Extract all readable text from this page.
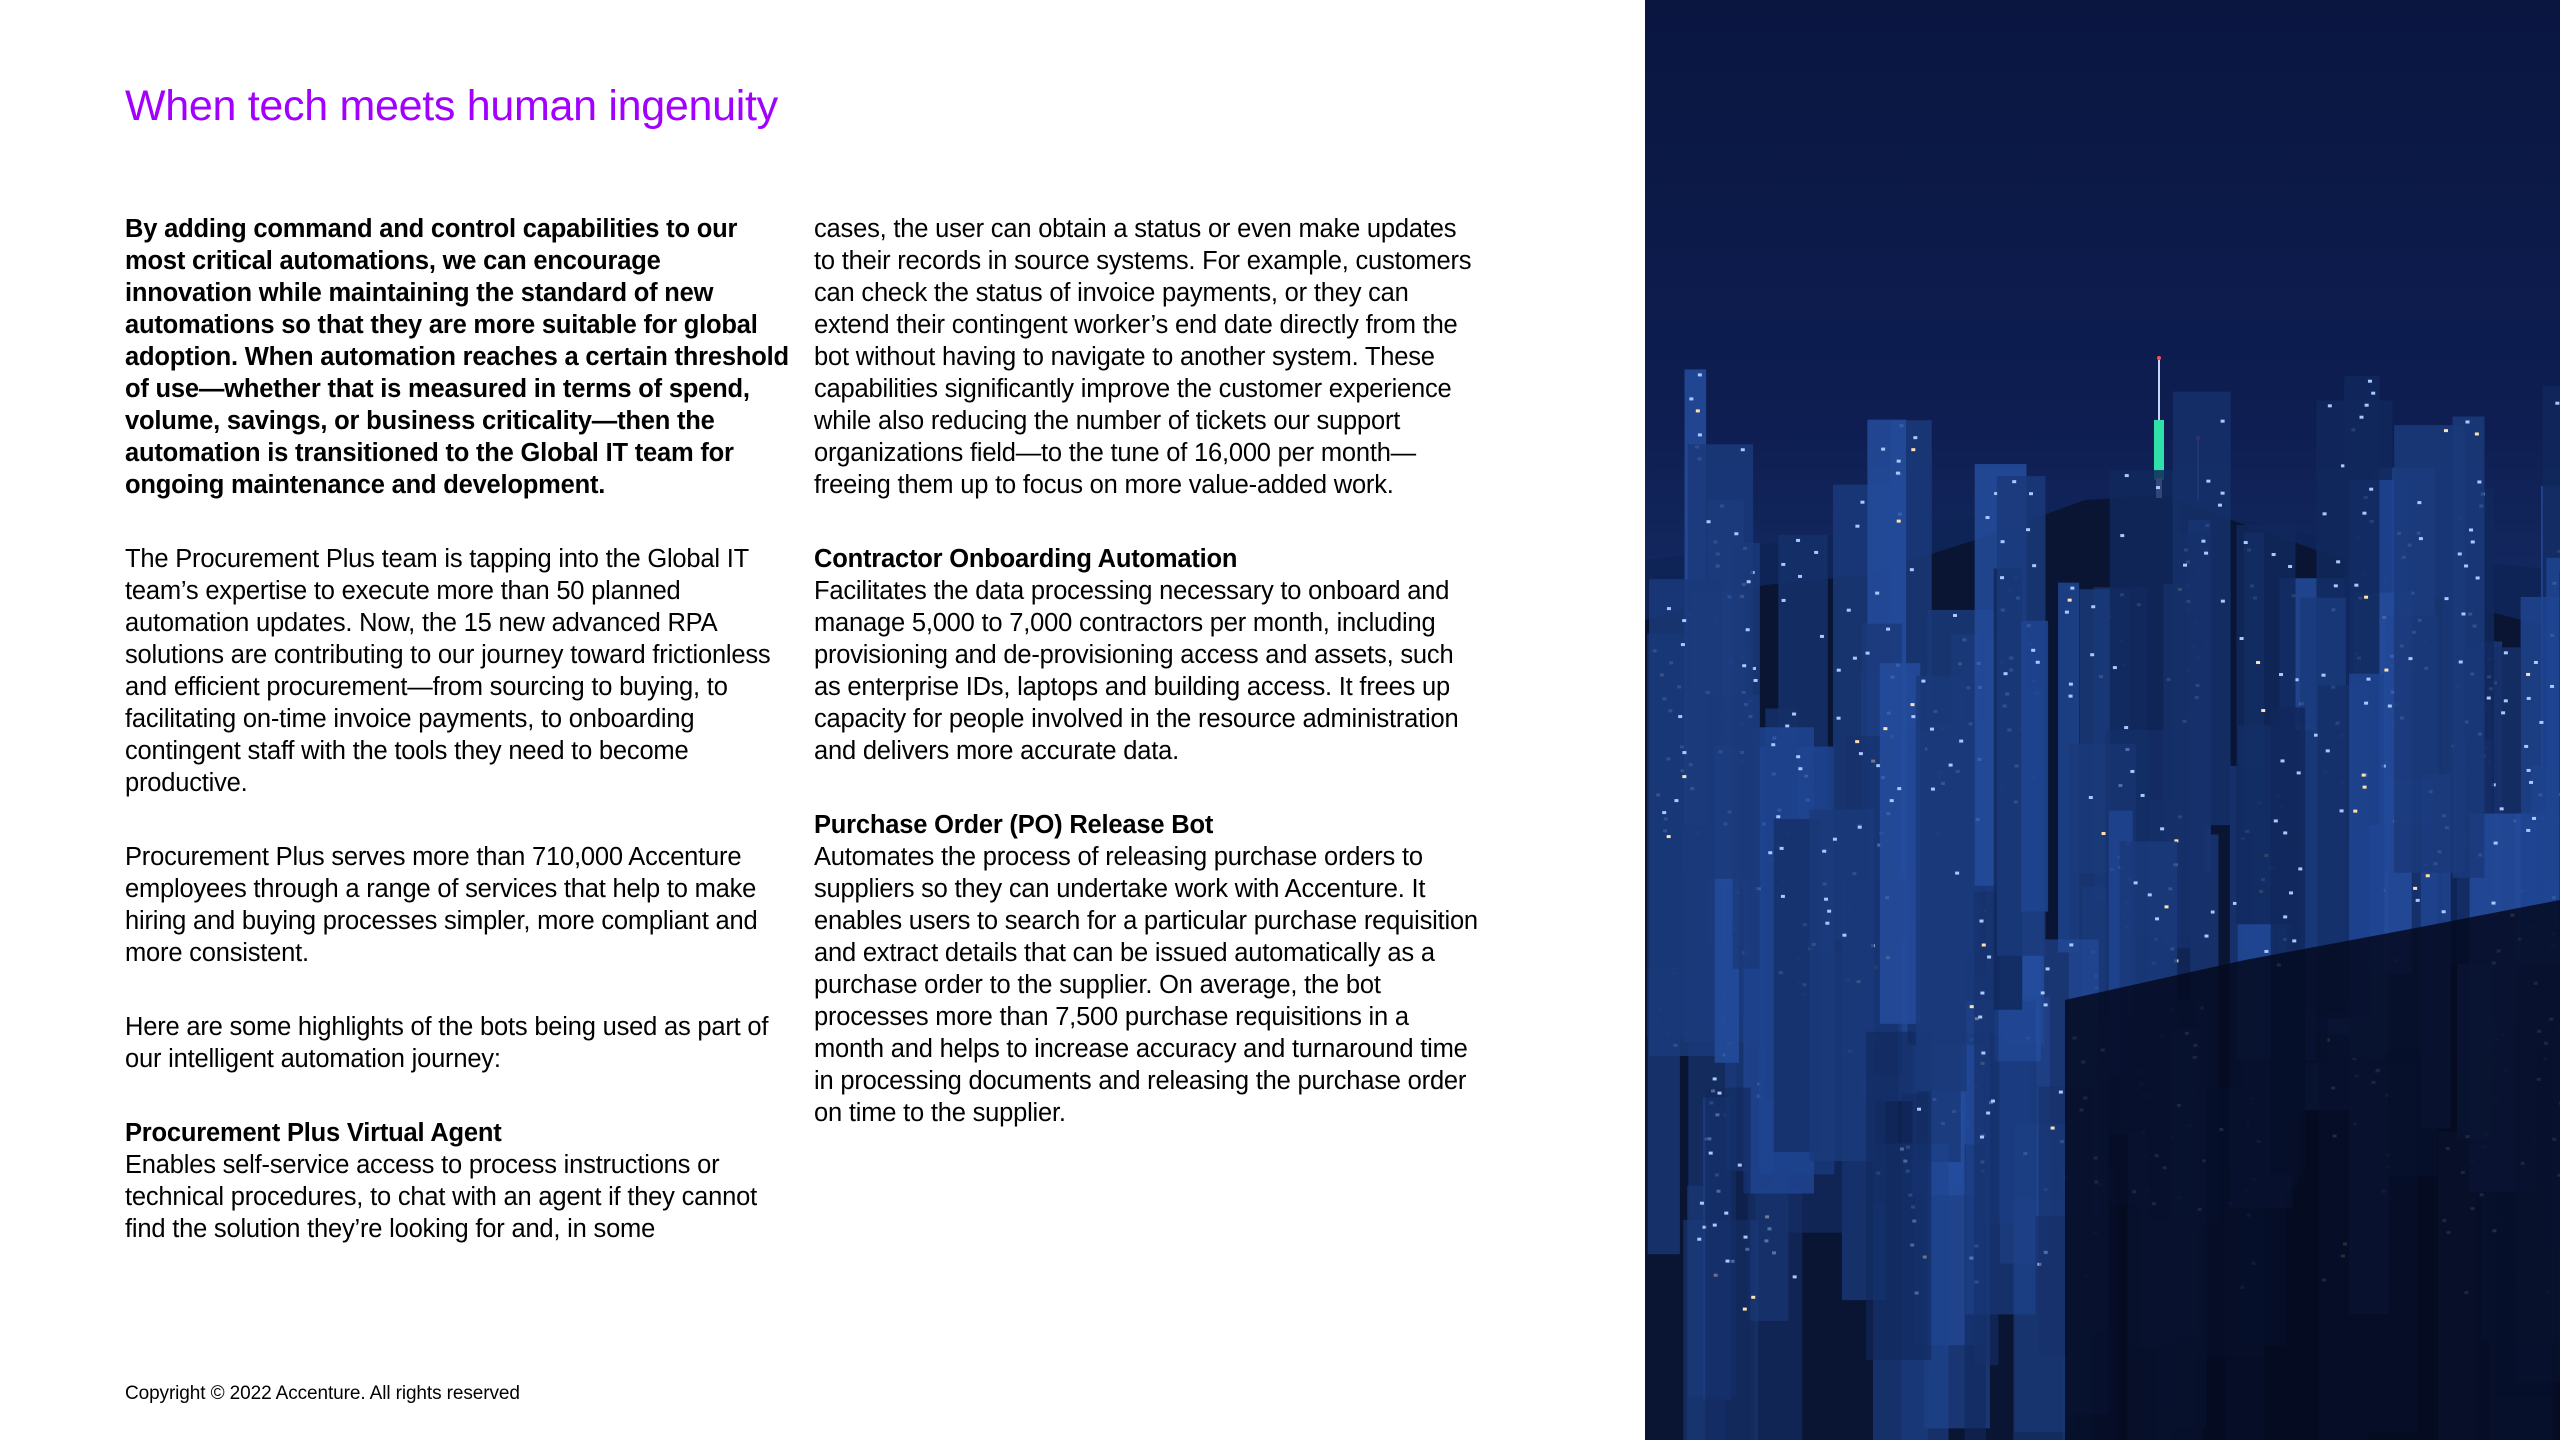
When tech meets human ingenuity

By adding command and control capabilities to our most critical automations, we can encourage innovation while maintaining the standard of new automations so that they are more suitable for global adoption. When automation reaches a certain threshold of use—whether that is measured in terms of spend, volume, savings, or business criticality—then the automation is transitioned to the Global IT team for ongoing maintenance and development.

The Procurement Plus team is tapping into the Global IT team’s expertise to execute more than 50 planned automation updates. Now, the 15 new advanced RPA solutions are contributing to our journey toward frictionless and efficient procurement—from sourcing to buying, to facilitating on-time invoice payments, to onboarding contingent staff with the tools they need to become productive.

Procurement Plus serves more than 710,000 Accenture employees through a range of services that help to make hiring and buying processes simpler, more compliant and more consistent.

Here are some highlights of the bots being used as part of our intelligent automation journey:

Procurement Plus Virtual Agent
Enables self-service access to process instructions or technical procedures, to chat with an agent if they cannot find the solution they’re looking for and, in some

cases, the user can obtain a status or even make updates to their records in source systems. For example, customers can check the status of invoice payments, or they can extend their contingent worker’s end date directly from the bot without having to navigate to another system. These capabilities significantly improve the customer experience while also reducing the number of tickets our support organizations field—to the tune of 16,000 per month—freeing them up to focus on more value-added work.

Contractor Onboarding Automation
Facilitates the data processing necessary to onboard and manage 5,000 to 7,000 contractors per month, including provisioning and de-provisioning access and assets, such as enterprise IDs, laptops and building access. It frees up capacity for people involved in the resource administration and delivers more accurate data.

Purchase Order (PO) Release Bot
Automates the process of releasing purchase orders to suppliers so they can undertake work with Accenture. It enables users to search for a particular purchase requisition and extract details that can be issued automatically as a purchase order to the supplier. On average, the bot processes more than 7,500 purchase requisitions in a month and helps to increase accuracy and turnaround time in processing documents and releasing the purchase order on time to the supplier.

Copyright © 2022 Accenture. All rights reserved
